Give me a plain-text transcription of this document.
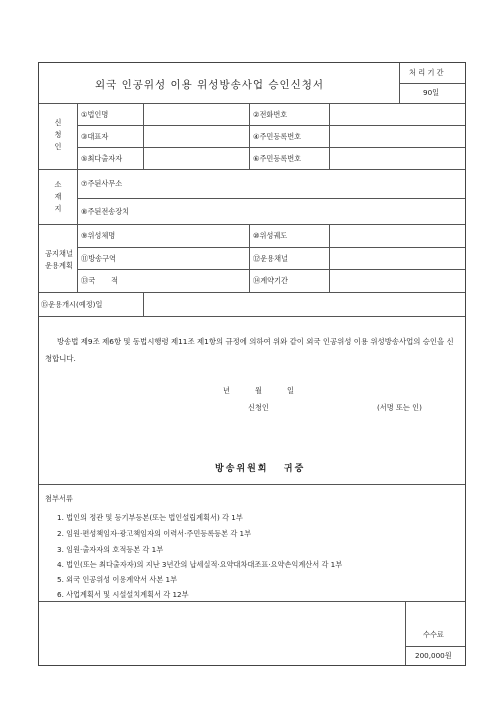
외국 인공위성 이용 위성방송사업 승인신청서
처 리 기 간
90일
신
청
인
①법인명	②전화번호
③대표자	④주민등록번호
⑤최다출자자	⑥주민등록번호
소
재
지
⑦주된사무소
⑧주된전송장치
공지채널
운용계획
⑨위성체명	⑩위성궤도
⑪방송구역	⑫운용채널
⑬국       적	⑭계약기간
⑮운용개시(예정)일
방송법 제9조 제6항 및 동법시행령 제11조 제1항의 규정에 의하여 위와 같이 외국 인공위성 이용 위성방송사업의 승인을 신청합니다.
년	월	일
신청인	(서명 또는 인)
방송위원회   귀중
첨부서류
1. 법인의 정관 및 등기부등본(또는 법인설립계획서) 각 1부
2. 임원·편성책임자·광고책임자의 이력서·주민등록등본 각 1부
3. 임원·출자자의 호적등본 각 1부
4. 법인(또는 최다출자자)의 지난 3년간의 납세실적·요약대차대조표·요약손익계산서 각 1부
5. 외국 인공위성 이용계약서 사본 1부
6. 사업계획서 및 시설설치계획서 각 12부
수수료
200,000원
